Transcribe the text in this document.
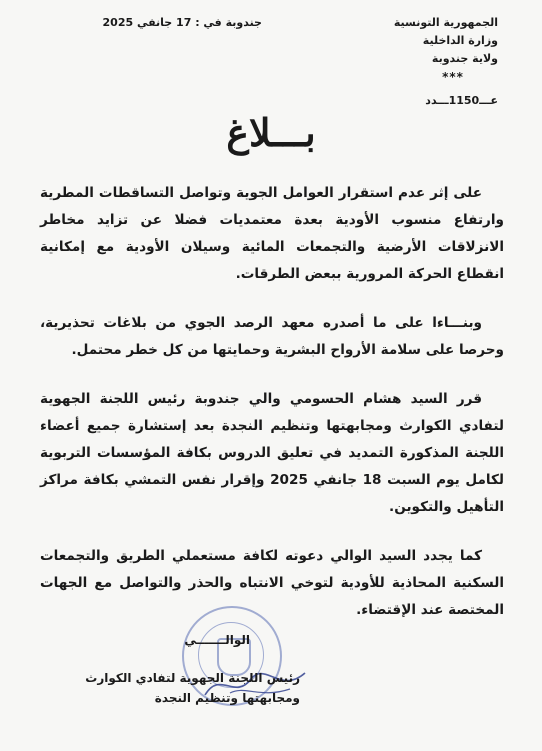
الجمهورية التونسية
وزارة الداخلية
ولاية جندوبة
***
عـــ1150ـــدد
جندوبة في : 17 جانفي 2025
بـــلاغ

على إثر عدم استقرار العوامل الجوية وتواصل التساقطات المطرية وارتفاع منسوب الأودية بعدة معتمديات فضلا عن تزايد مخاطر الانزلاقات الأرضية والتجمعات المائية وسيلان الأودية مع إمكانية انقطاع الحركة المرورية ببعض الطرقات.

وبنـــاءا على ما أصدره معهد الرصد الجوي من بلاغات تحذيرية، وحرصا على سلامة الأرواح البشرية وحمايتها من كل خطر محتمل.

قرر السيد هشام الحسومي والي جندوبة رئيس اللجنة الجهوية لتفادي الكوارث ومجابهتها وتنظيم النجدة بعد إستشارة جميع أعضاء اللجنة المذكورة التمديد في تعليق الدروس بكافة المؤسسات التربوية لكامل يوم السبت 18 جانفي 2025 وإقرار نفس التمشي بكافة مراكز التأهيل والتكوين.

كما يجدد السيد الوالي دعوته لكافة مستعملي الطريق والتجمعات السكنية المحاذية للأودية لتوخي الانتباه والحذر والتواصل مع الجهات المختصة عند الإقتضاء.

الوالـــــــي
رئيس اللجنة الجهوية لتفادي الكوارث
ومجابهتها وتنظيم النجدة
